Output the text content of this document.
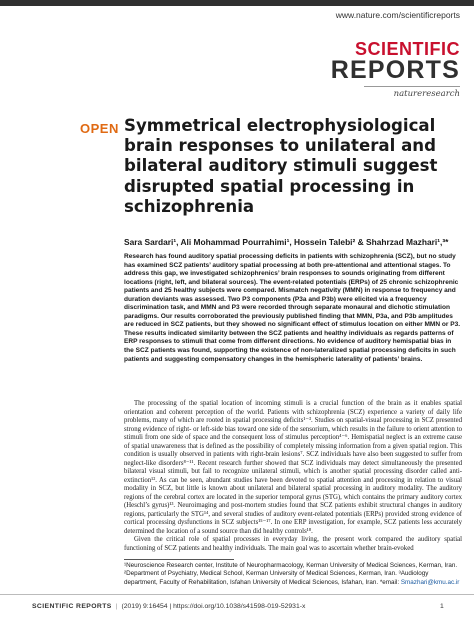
www.nature.com/scientificreports
SCIENTIFIC
REPORTS
natureresearch
OPEN Symmetrical electrophysiological brain responses to unilateral and bilateral auditory stimuli suggest disrupted spatial processing in schizophrenia
Sara Sardari¹, Ali Mohammad Pourrahimi¹, Hossein Talebi² & Shahrzad Mazhari¹,³*

Research has found auditory spatial processing deficits in patients with schizophrenia (SCZ), but no study has examined SCZ patients’ auditory spatial processing at both pre-attentional and attentional stages. To address this gap, we investigated schizophrenics’ brain responses to sounds originating from different locations (right, left, and bilateral sources). The event-related potentials (ERPs) of 25 chronic schizophrenic patients and 25 healthy subjects were compared. Mismatch negativity (MMN) in response to frequency and duration deviants was assessed. Two P3 components (P3a and P3b) were elicited via a frequency discrimination task, and MMN and P3 were recorded through separate monaural and dichotic stimulation paradigms. Our results corroborated the previously published finding that MMN, P3a, and P3b amplitudes are reduced in SCZ patients, but they showed no significant effect of stimulus location on either MMN or P3. These results indicated similarity between the SCZ patients and healthy individuals as regards patterns of ERP responses to stimuli that come from different directions. No evidence of auditory hemispatial bias in the SCZ patients was found, supporting the existence of non-lateralized spatial processing deficits in such patients and suggesting compensatory changes in the hemispheric laterality of patients’ brains.

The processing of the spatial location of incoming stimuli is a crucial function of the brain as it enables spatial orientation and coherent perception of the world. Patients with schizophrenia (SCZ) experience a variety of daily life problems, many of which are rooted in spatial processing deficits¹⁻³. Studies on spatial-visual processing in SCZ presented strong evidence of right- or left-side bias toward one side of the sensorium, which results in the failure to orient attention to stimuli from one side of space and the consequent loss of stimulus perception⁴⁻⁶. Hemispatial neglect is an extreme cause of spatial unawareness that is defined as the possibility of completely missing information from a given spatial region. This condition is usually observed in patients with right-brain lesions⁷. SCZ individuals have also been suggested to suffer from neglect-like disorders⁸⁻¹¹. Recent research further showed that SCZ individuals may detect simultaneously the presented bilateral visual stimuli, but fail to recognize unilateral stimuli, which is another spatial processing disorder called anti-extinction¹². As can be seen, abundant studies have been devoted to spatial attention and processing in relation to visual modality in SCZ, but little is known about unilateral and bilateral spatial processing in auditory modality. The auditory regions of the cerebral cortex are located in the superior temporal gyrus (STG), which contains the primary auditory cortex (Heschl’s gyrus)¹³. Neuroimaging and post-mortem studies found that SCZ patients exhibit structural changes in auditory regions, particularly the STG¹⁴, and several studies of auditory event-related potentials (ERPs) provided strong evidence of cortical processing dysfunctions in SCZ subjects¹⁵⁻¹⁷. In one ERP investigation, for example, SCZ patients less accurately determined the location of a sound source than did healthy controls¹⁸.

Given the critical role of spatial processes in everyday living, the present work compared the auditory spatial functioning of SCZ patients and healthy individuals. The main goal was to ascertain whether brain-evoked

¹Neuroscience Research center, Institute of Neuropharmacology, Kerman University of Medical Sciences, Kerman, Iran. ²Department of Psychiatry, Medical School, Kerman University of Medical Sciences, Kerman, Iran. ³Audiology department, Faculty of Rehabilitation, Isfahan University of Medical Sciences, Isfahan, Iran. *email: Smazhari@kmu.ac.ir

SCIENTIFIC REPORTS | (2019) 9:16454 | https://doi.org/10.1038/s41598-019-52931-x	1
